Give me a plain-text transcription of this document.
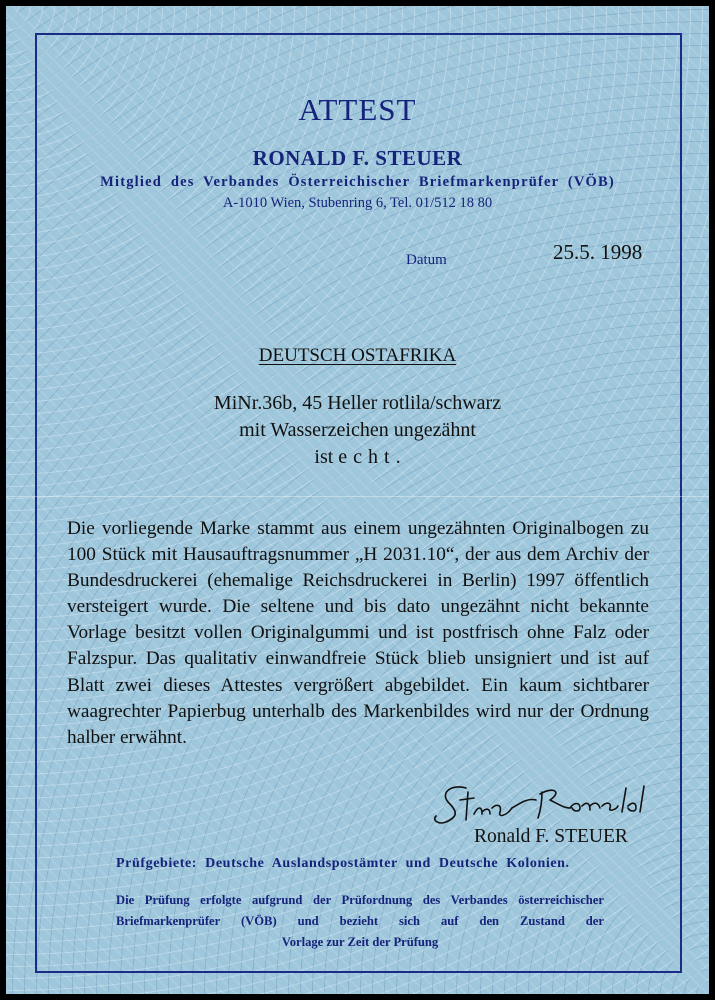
ATTEST
RONALD F. STEUER
Mitglied des Verbandes Österreichischer Briefmarkenprüfer (VÖB)
A-1010 Wien, Stubenring 6, Tel. 01/512 18 80
Datum	25.5. 1998
DEUTSCH OSTAFRIKA
MiNr.36b, 45 Heller rotlila/schwarz
mit Wasserzeichen ungezähnt
ist echt.
Die vorliegende Marke stammt aus einem ungezähnten Originalbogen zu 100 Stück mit Hausauftragsnummer „H 2031.10“, der aus dem Archiv der Bundesdruckerei (ehemalige Reichsdruckerei in Berlin) 1997 öffentlich versteigert wurde. Die seltene und bis dato ungezähnt nicht bekannte Vorlage besitzt vollen Originalgummi und ist postfrisch ohne Falz oder Falzspur. Das qualitativ einwandfreie Stück blieb unsigniert und ist auf Blatt zwei dieses Attestes vergrößert abgebildet. Ein kaum sichtbarer waagrechter Papierbug unterhalb des Markenbildes wird nur der Ordnung halber erwähnt.
Ronald F. STEUER
Prüfgebiete: Deutsche Auslandspostämter und Deutsche Kolonien.
Die Prüfung erfolgte aufgrund der Prüfordnung des Verbandes österreichischer
Briefmarkenprüfer (VÖB) und bezieht sich auf den Zustand der
Vorlage zur Zeit der Prüfung
